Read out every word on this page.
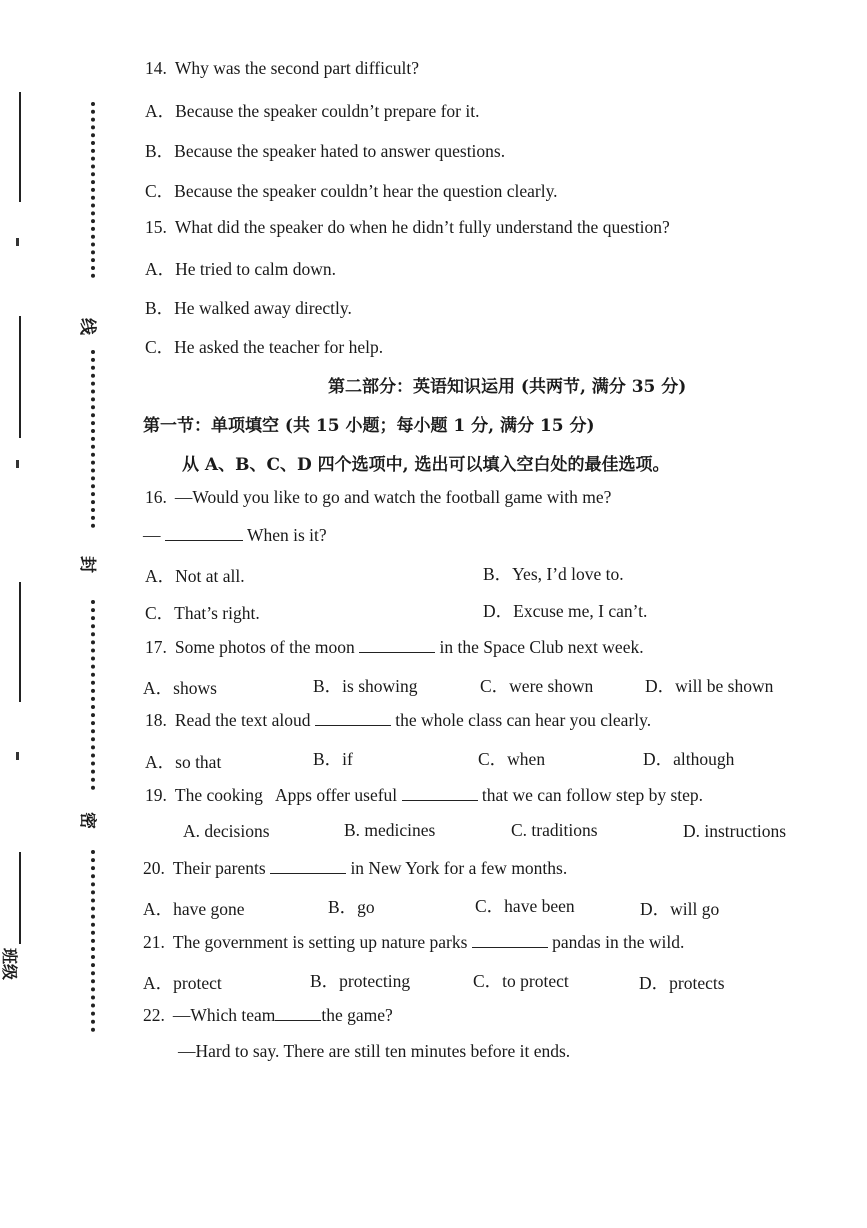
线
封
密
班级
14. Why was the second part difficult?
A．Because the speaker couldn’t prepare for it.
B．Because the speaker hated to answer questions.
C．Because the speaker couldn’t hear the question clearly.
15. What did the speaker do when he didn’t fully understand the question?
A．He tried to calm down.
B．He walked away directly.
C．He asked the teacher for help.
第二部分：英语知识运用 (共两节, 满分 35 分)
第一节：单项填空 (共 15 小题；每小题 1 分, 满分 15 分)
从 A、B、C、D 四个选项中, 选出可以填入空白处的最佳选项。
16. —Would you like to go and watch the football game with me?
—	When is it?
A．Not at all.	B．Yes, I’d love to.
C．That’s right.	D．Excuse me, I can’t.
17. Some photos of the moon	in the Space Club next week.
A．shows	B．is showing	C．were shown	D．will be shown
18. Read the text aloud	the whole class can hear you clearly.
A．so that	B．if	C．when	D．although
19. The cooking   Apps offer useful	that we can follow step by step.
A. decisions	B. medicines	C. traditions	D. instructions
20. Their parents	in New York for a few months.
A．have gone	B．go	C．have been	D．will go
21. The government is setting up nature parks	pandas in the wild.
A．protect	B．protecting	C．to protect	D．protects
22. —Which team	the game?
—Hard to say. There are still ten minutes before it ends.
